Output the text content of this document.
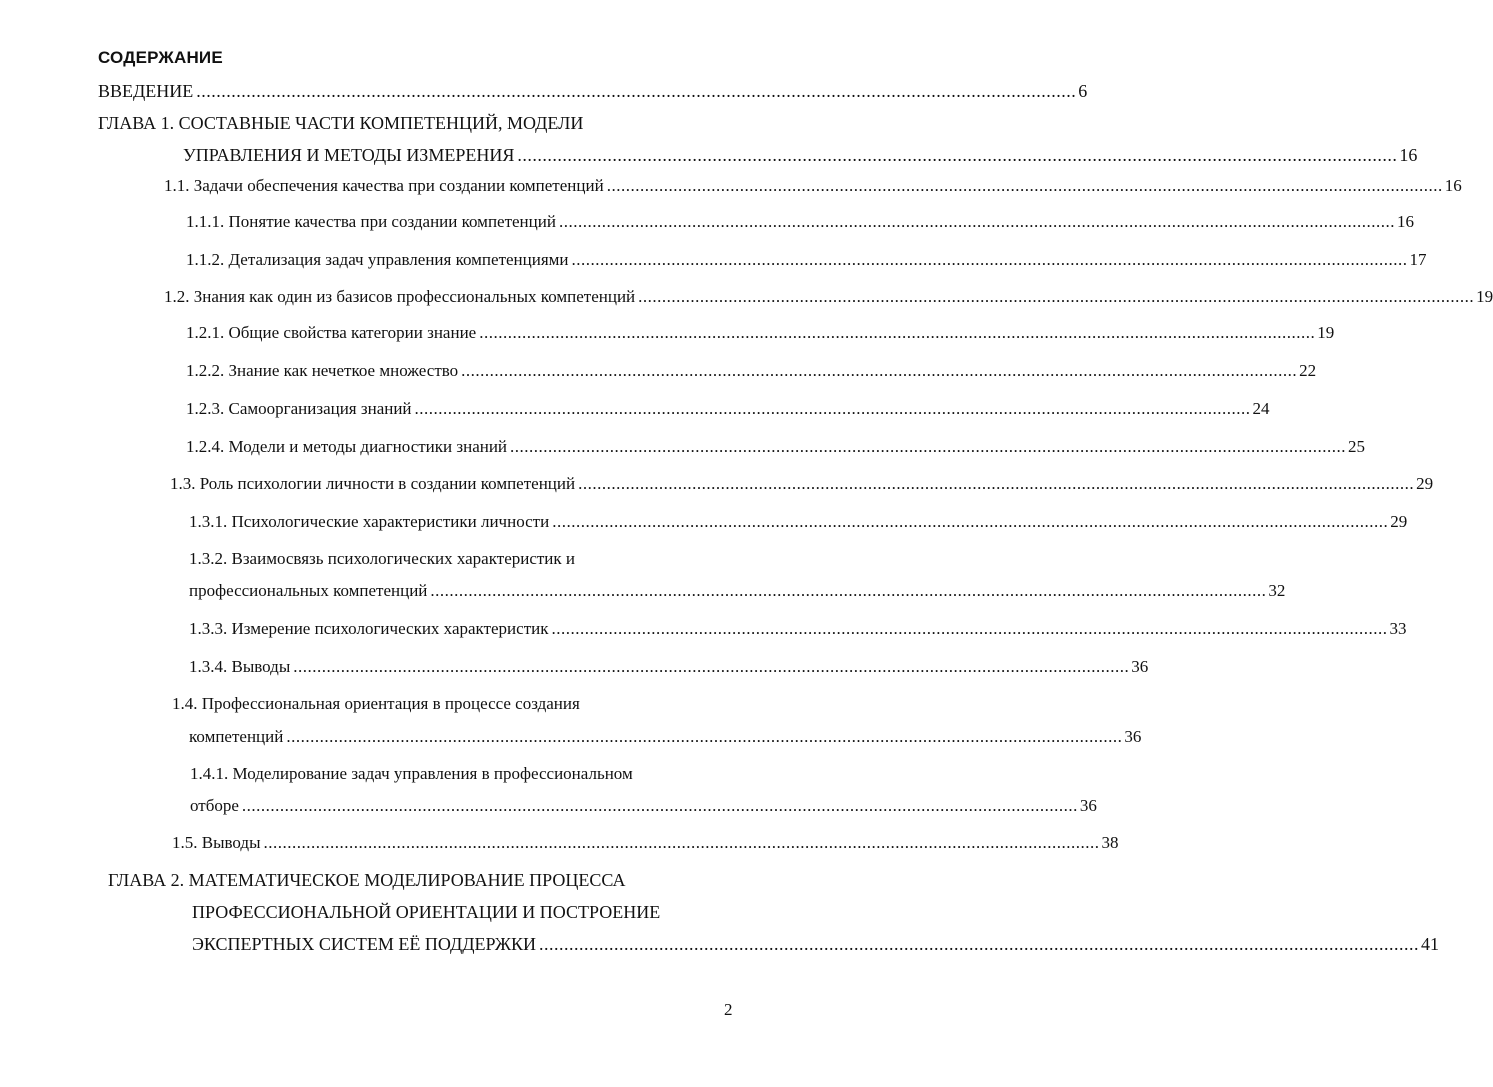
СОДЕРЖАНИЕ
ВВЕДЕНИЕ ................................................................................................................................................................................ 6
ГЛАВА 1. СОСТАВНЫЕ ЧАСТИ КОМПЕТЕНЦИЙ, МОДЕЛИ
УПРАВЛЕНИЯ И МЕТОДЫ ИЗМЕРЕНИЯ ................................................................................................................................................................................ 16
1.1. Задачи обеспечения качества при создании компетенций ................................................................................................................................................................................ 16
1.1.1. Понятие качества при создании компетенций ................................................................................................................................................................................ 16
1.1.2. Детализация задач управления компетенциями ................................................................................................................................................................................ 17
1.2. Знания как один из базисов профессиональных компетенций ................................................................................................................................................................................ 19
1.2.1. Общие свойства категории знание ................................................................................................................................................................................ 19
1.2.2. Знание как нечеткое множество ................................................................................................................................................................................ 22
1.2.3. Самоорганизация знаний ................................................................................................................................................................................ 24
1.2.4. Модели и методы диагностики знаний ................................................................................................................................................................................ 25
1.3. Роль психологии личности в создании компетенций ................................................................................................................................................................................ 29
1.3.1. Психологические характеристики личности ................................................................................................................................................................................ 29
1.3.2. Взаимосвязь психологических характеристик и
профессиональных компетенций ................................................................................................................................................................................ 32
1.3.3. Измерение психологических характеристик ................................................................................................................................................................................ 33
1.3.4. Выводы ................................................................................................................................................................................ 36
1.4. Профессиональная ориентация в процессе создания
компетенций ................................................................................................................................................................................ 36
1.4.1. Моделирование задач управления в профессиональном
отборе ................................................................................................................................................................................ 36
1.5. Выводы ................................................................................................................................................................................ 38
ГЛАВА 2. МАТЕМАТИЧЕСКОЕ МОДЕЛИРОВАНИЕ ПРОЦЕССА
ПРОФЕССИОНАЛЬНОЙ ОРИЕНТАЦИИ И ПОСТРОЕНИЕ
ЭКСПЕРТНЫХ СИСТЕМ ЕЁ ПОДДЕРЖКИ ................................................................................................................................................................................ 41
2
